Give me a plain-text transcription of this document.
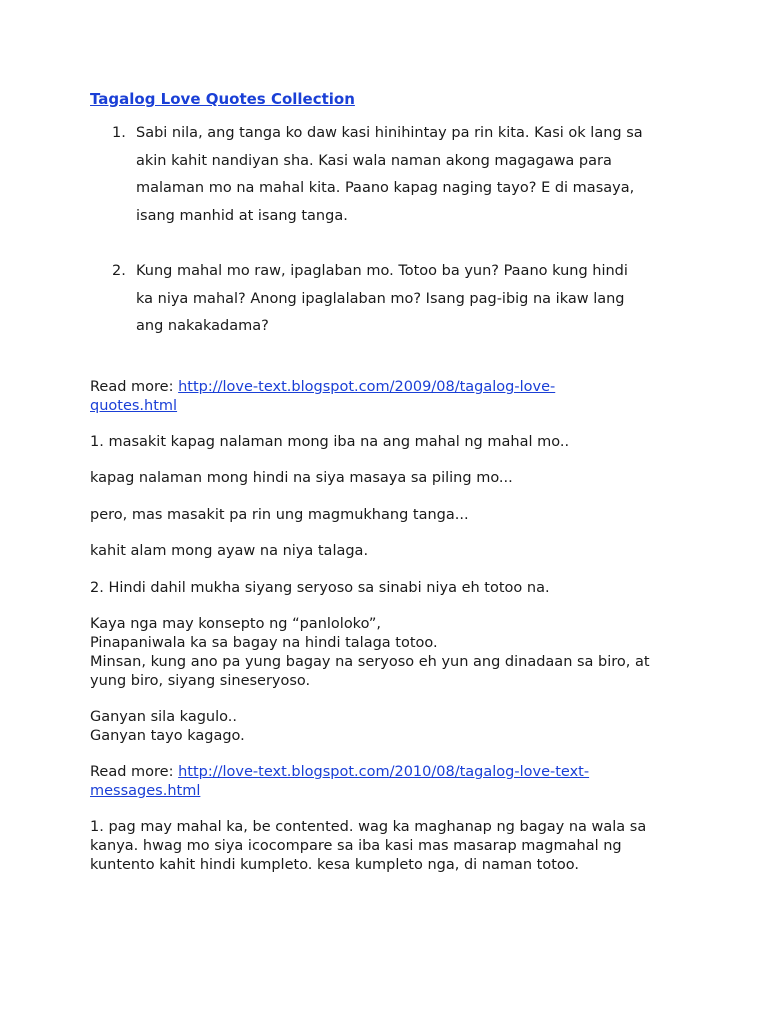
Tagalog Love Quotes Collection
1. Sabi nila, ang tanga ko daw kasi hinihintay pa rin kita. Kasi ok lang sa
akin kahit nandiyan sha. Kasi wala naman akong magagawa para
malaman mo na mahal kita. Paano kapag naging tayo? E di masaya,
isang manhid at isang tanga.
2. Kung mahal mo raw, ipaglaban mo. Totoo ba yun? Paano kung hindi
ka niya mahal? Anong ipaglalaban mo? Isang pag-ibig na ikaw lang
ang nakakadama?
Read more: http://love-text.blogspot.com/2009/08/tagalog-love-
quotes.html

1. masakit kapag nalaman mong iba na ang mahal ng mahal mo..

kapag nalaman mong hindi na siya masaya sa piling mo...

pero, mas masakit pa rin ung magmukhang tanga...

kahit alam mong ayaw na niya talaga.

2. Hindi dahil mukha siyang seryoso sa sinabi niya eh totoo na.

Kaya nga may konsepto ng “panloloko”,

Pinapaniwala ka sa bagay na hindi talaga totoo.

Minsan, kung ano pa yung bagay na seryoso eh yun ang dinadaan sa biro, at

yung biro, siyang sineseryoso.

Ganyan sila kagulo..

Ganyan tayo kagago.

Read more: http://love-text.blogspot.com/2010/08/tagalog-love-text-
messages.html

1. pag may mahal ka, be contented. wag ka maghanap ng bagay na wala sa

kanya. hwag mo siya icocompare sa iba kasi mas masarap magmahal ng

kuntento kahit hindi kumpleto. kesa kumpleto nga, di naman totoo.
